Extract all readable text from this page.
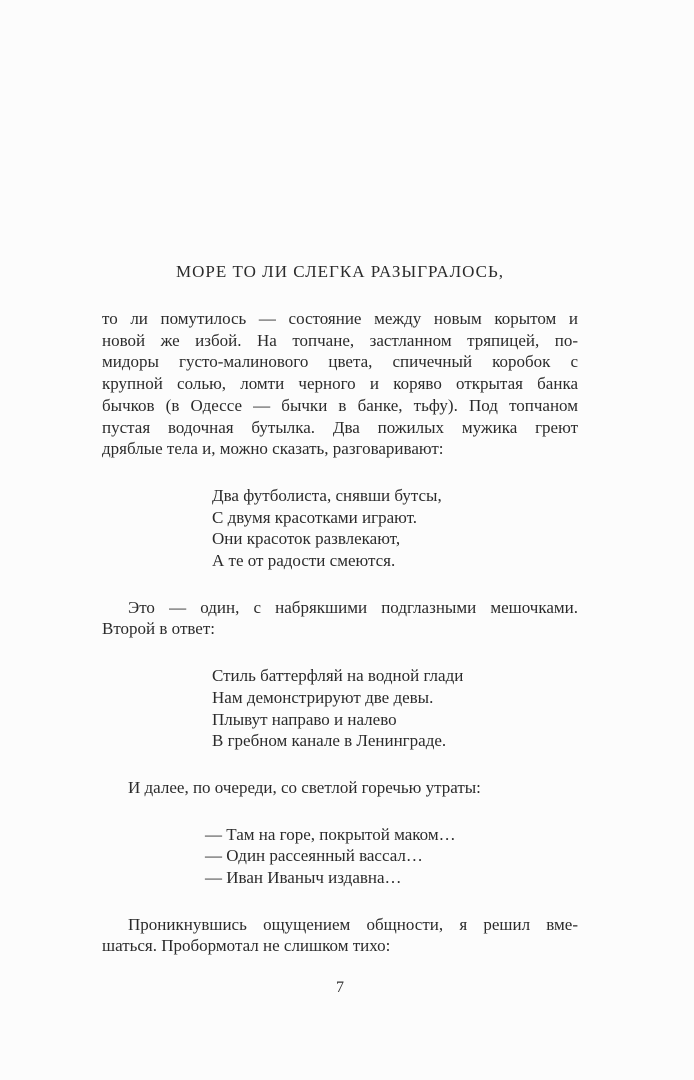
МОРЕ ТО ЛИ СЛЕГКА РАЗЫГРАЛОСЬ,
то ли помутилось — состояние между новым корытом и
новой же избой. На топчане, застланном тряпицей, по-
мидоры густо-малинового цвета, спичечный коробок с
крупной солью, ломти черного и коряво открытая банка
бычков (в Одессе — бычки в банке, тьфу). Под топчаном
пустая водочная бутылка. Два пожилых мужика греют
дряблые тела и, можно сказать, разговаривают:
Два футболиста, снявши бутсы,
С двумя красотками играют.
Они красоток развлекают,
А те от радости смеются.
Это — один, с набрякшими подглазными мешочками.
Второй в ответ:
Стиль баттерфляй на водной глади
Нам демонстрируют две девы.
Плывут направо и налево
В гребном канале в Ленинграде.
И далее, по очереди, со светлой горечью утраты:
— Там на горе, покрытой маком…
— Один рассеянный вассал…
— Иван Иваныч издавна…
Проникнувшись ощущением общности, я решил вме-
шаться. Пробормотал не слишком тихо:
7
